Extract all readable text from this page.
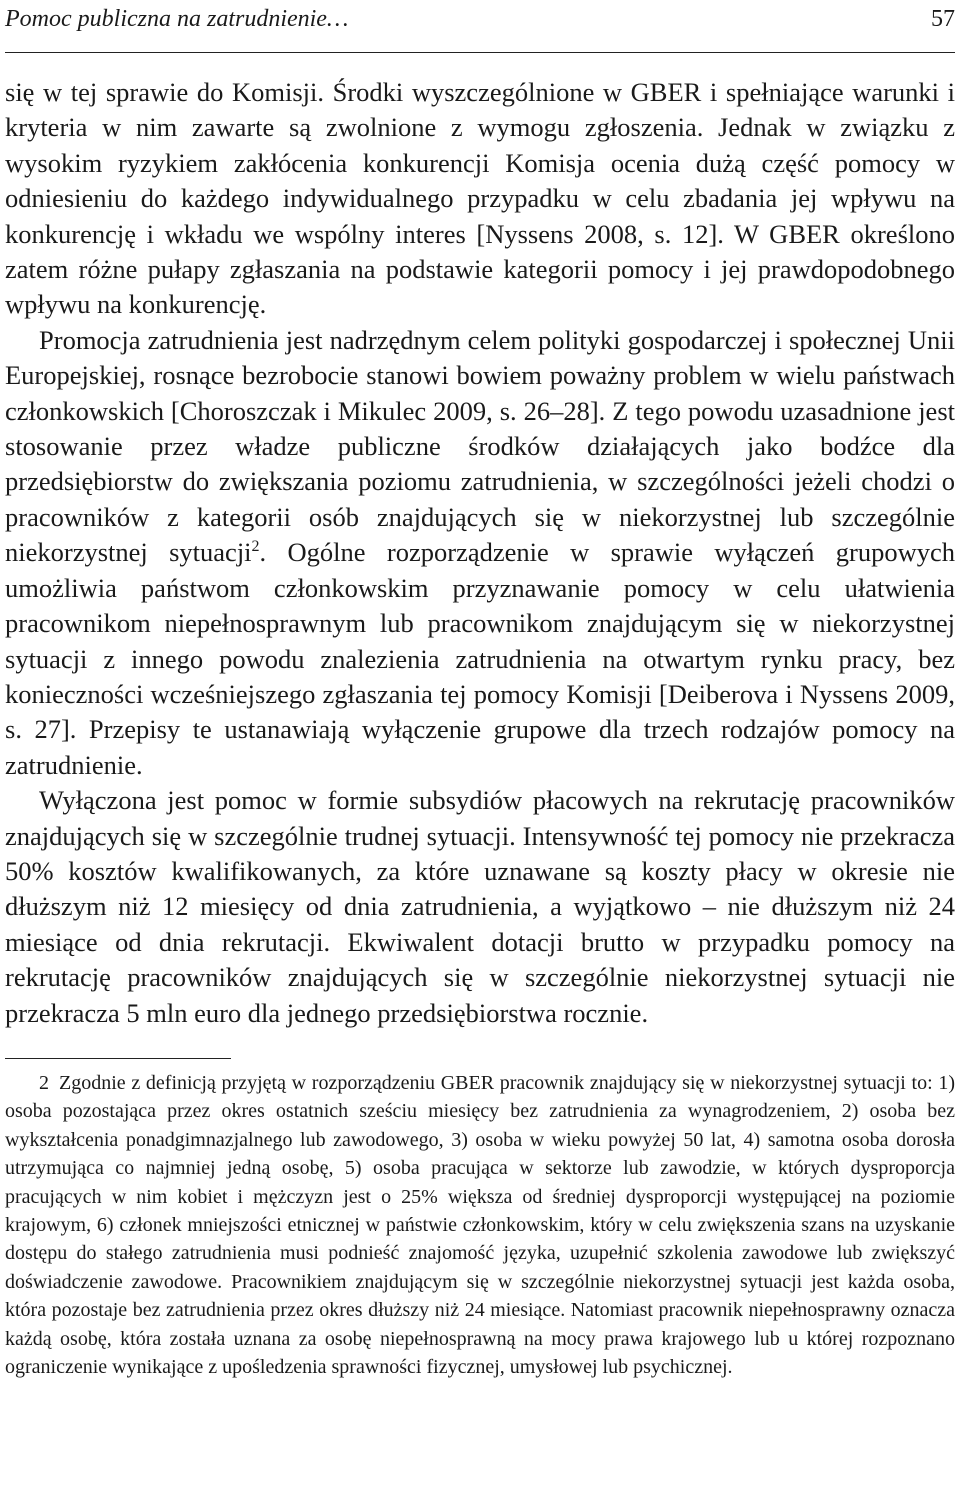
Pomoc publiczna na zatrudnienie…	57

się w tej sprawie do Komisji. Środki wyszczególnione w GBER i spełniające warunki i kryteria w nim zawarte są zwolnione z wymogu zgłoszenia. Jednak w związku z wysokim ryzykiem zakłócenia konkurencji Komisja ocenia dużą część pomocy w odniesieniu do każdego indywidualnego przypadku w celu zbadania jej wpływu na konkurencję i wkładu we wspólny interes [Nyssens 2008, s. 12]. W GBER określono zatem różne pułapy zgłaszania na podstawie kategorii pomocy i jej prawdopodobnego wpływu na konkurencję.

Promocja zatrudnienia jest nadrzędnym celem polityki gospodarczej i społecznej Unii Europejskiej, rosnące bezrobocie stanowi bowiem poważny problem w wielu państwach członkowskich [Choroszczak i Mikulec 2009, s. 26–28]. Z tego powodu uzasadnione jest stosowanie przez władze publiczne środków działających jako bodźce dla przedsiębiorstw do zwiększania poziomu zatrudnienia, w szczególności jeżeli chodzi o pracowników z kategorii osób znajdujących się w niekorzystnej lub szczególnie niekorzystnej sytuacji$^2$. Ogólne rozporządzenie w sprawie wyłączeń grupowych umożliwia państwom członkowskim przyznawanie pomocy w celu ułatwienia pracownikom niepełnosprawnym lub pracownikom znajdującym się w niekorzystnej sytuacji z innego powodu znalezienia zatrudnienia na otwartym rynku pracy, bez konieczności wcześniejszego zgłaszania tej pomocy Komisji [Deiberova i Nyssens 2009, s. 27]. Przepisy te ustanawiają wyłączenie grupowe dla trzech rodzajów pomocy na zatrudnienie.

Wyłączona jest pomoc w formie subsydiów płacowych na rekrutację pracowników znajdujących się w szczególnie trudnej sytuacji. Intensywność tej pomocy nie przekracza 50% kosztów kwalifikowanych, za które uznawane są koszty płacy w okresie nie dłuższym niż 12 miesięcy od dnia zatrudnienia, a wyjątkowo – nie dłuższym niż 24 miesiące od dnia rekrutacji. Ekwiwalent dotacji brutto w przypadku pomocy na rekrutację pracowników znajdujących się w szczególnie niekorzystnej sytuacji nie przekracza 5 mln euro dla jednego przedsiębiorstwa rocznie.

2 Zgodnie z definicją przyjętą w rozporządzeniu GBER pracownik znajdujący się w niekorzystnej sytuacji to: 1) osoba pozostająca przez okres ostatnich sześciu miesięcy bez zatrudnienia za wynagrodzeniem, 2) osoba bez wykształcenia ponadgimnazjalnego lub zawodowego, 3) osoba w wieku powyżej 50 lat, 4) samotna osoba dorosła utrzymująca co najmniej jedną osobę, 5) osoba pracująca w sektorze lub zawodzie, w których dysproporcja pracujących w nim kobiet i mężczyzn jest o 25% większa od średniej dysproporcji występującej na poziomie krajowym, 6) członek mniejszości etnicznej w państwie członkowskim, który w celu zwiększenia szans na uzyskanie dostępu do stałego zatrudnienia musi podnieść znajomość języka, uzupełnić szkolenia zawodowe lub zwiększyć doświadczenie zawodowe. Pracownikiem znajdującym się w szczególnie niekorzystnej sytuacji jest każda osoba, która pozostaje bez zatrudnienia przez okres dłuższy niż 24 miesiące. Natomiast pracownik niepełnosprawny oznacza każdą osobę, która została uznana za osobę niepełnosprawną na mocy prawa krajowego lub u której rozpoznano ograniczenie wynikające z upośledzenia sprawności fizycznej, umysłowej lub psychicznej.
